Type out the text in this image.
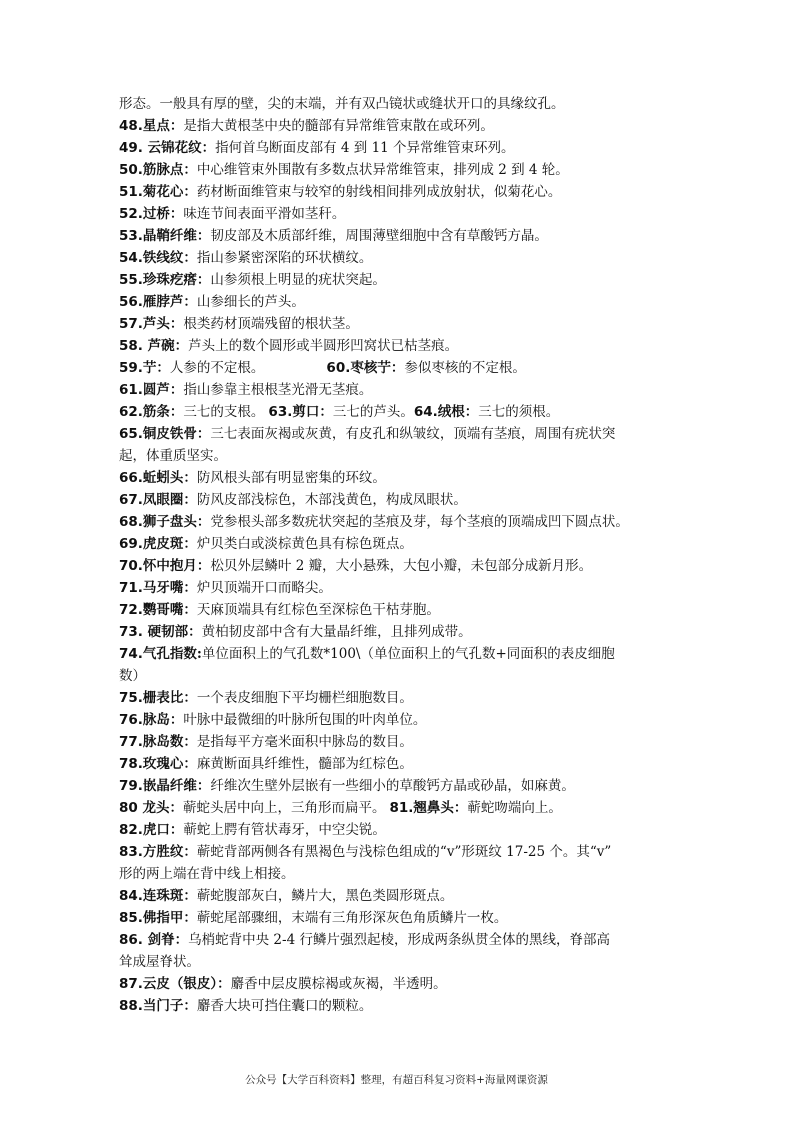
形态。一般具有厚的壁，尖的末端，并有双凸镜状或缝状开口的具缘纹孔。
48.星点：是指大黄根茎中央的髓部有异常维管束散在或环列。
49. 云锦花纹：指何首乌断面皮部有 4 到 11 个异常维管束环列。
50.筋脉点：中心维管束外围散有多数点状异常维管束，排列成 2 到 4 轮。
51.菊花心：药材断面维管束与较窄的射线相间排列成放射状，似菊花心。
52.过桥：味连节间表面平滑如茎秆。
53.晶鞘纤维：韧皮部及木质部纤维，周围薄壁细胞中含有草酸钙方晶。
54.铁线纹：指山参紧密深陷的环状横纹。
55.珍珠疙瘩：山参须根上明显的疣状突起。
56.雁脖芦：山参细长的芦头。
57.芦头：根类药材顶端残留的根状茎。
58. 芦碗：芦头上的数个圆形或半圆形凹窝状已枯茎痕。
59.艼：人参的不定根。	60.枣核艼：参似枣核的不定根。
61.圆芦：指山参靠主根根茎光滑无茎痕。
62.筋条：三七的支根。 63.剪口：三七的芦头。64.绒根：三七的须根。
65.铜皮铁骨：三七表面灰褐或灰黄，有皮孔和纵皱纹，顶端有茎痕，周围有疣状突
起，体重质坚实。
66.蚯蚓头：防风根头部有明显密集的环纹。
67.凤眼圈：防风皮部浅棕色，木部浅黄色，构成凤眼状。
68.狮子盘头：党参根头部多数疣状突起的茎痕及芽，每个茎痕的顶端成凹下圆点状。
69.虎皮斑：炉贝类白或淡棕黄色具有棕色斑点。
70.怀中抱月：松贝外层鳞叶 2 瓣，大小悬殊，大包小瓣，未包部分成新月形。
71.马牙嘴：炉贝顶端开口而略尖。
72.鹦哥嘴：天麻顶端具有红棕色至深棕色干枯芽胞。
73. 硬韧部：黄柏韧皮部中含有大量晶纤维，且排列成带。
74.气孔指数:单位面积上的气孔数*100\（单位面积上的气孔数+同面积的表皮细胞
数）
75.栅表比：一个表皮细胞下平均栅栏细胞数目。
76.脉岛：叶脉中最微细的叶脉所包围的叶肉单位。
77.脉岛数：是指每平方毫米面积中脉岛的数目。
78.玫瑰心：麻黄断面具纤维性，髓部为红棕色。
79.嵌晶纤维：纤维次生壁外层嵌有一些细小的草酸钙方晶或砂晶，如麻黄。
80 龙头：蕲蛇头居中向上，三角形而扁平。 81.翘鼻头：蕲蛇吻端向上。
82.虎口：蕲蛇上腭有管状毒牙，中空尖锐。
83.方胜纹：蕲蛇背部两侧各有黑褐色与浅棕色组成的“v”形斑纹 17-25 个。其“v”
形的两上端在背中线上相接。
84.连珠斑：蕲蛇腹部灰白，鳞片大，黑色类圆形斑点。
85.佛指甲：蕲蛇尾部骤细，末端有三角形深灰色角质鳞片一枚。
86. 剑脊：乌梢蛇背中央 2-4 行鳞片强烈起棱，形成两条纵贯全体的黑线，脊部高
耸成屋脊状。
87.云皮（银皮）：麝香中层皮膜棕褐或灰褐，半透明。
88.当门子：麝香大块可挡住囊口的颗粒。
公众号【大学百科资料】整理，有超百科复习资料+海量网课资源
